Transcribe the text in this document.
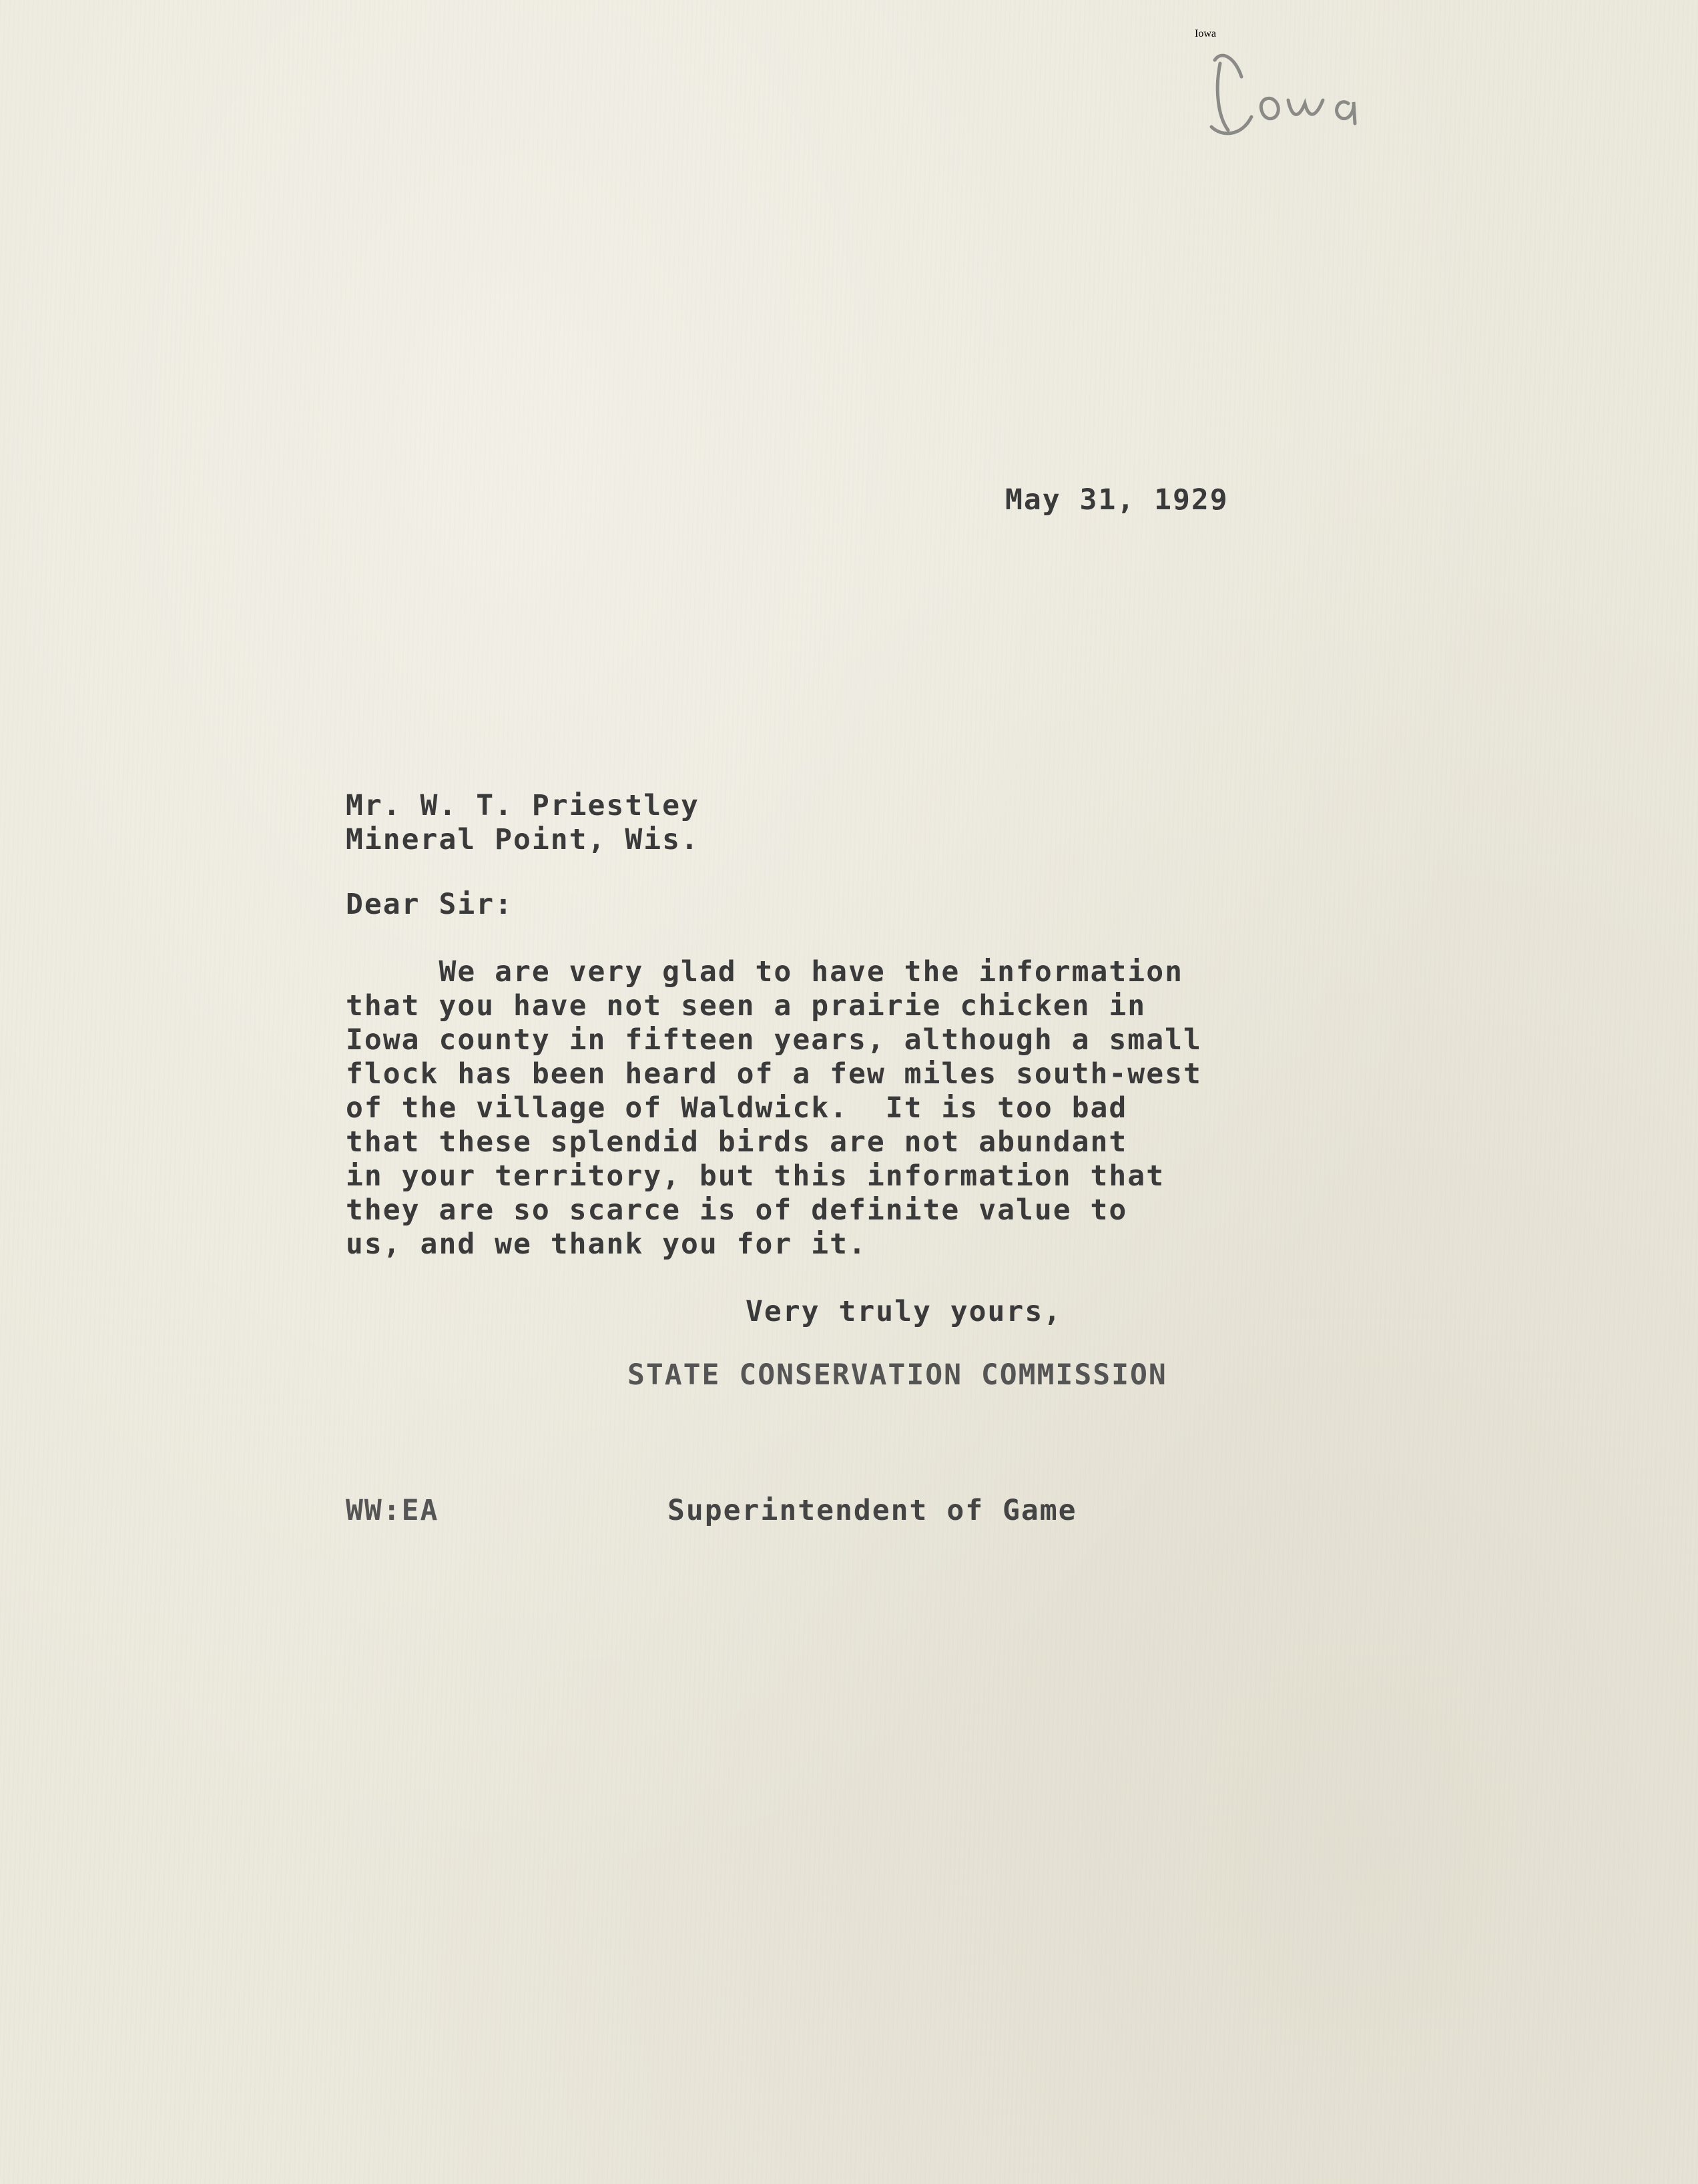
Iowa

May 31, 1929

Mr. W. T. Priestley
Mineral Point, Wis.

Dear Sir:

We are very glad to have the information
that you have not seen a prairie chicken in
Iowa county in fifteen years, although a small
flock has been heard of a few miles south-west
of the village of Waldwick.  It is too bad
that these splendid birds are not abundant
in your territory, but this information that
they are so scarce is of definite value to
us, and we thank you for it.

Very truly yours,

STATE CONSERVATION COMMISSION

WW:EA	Superintendent of Game
